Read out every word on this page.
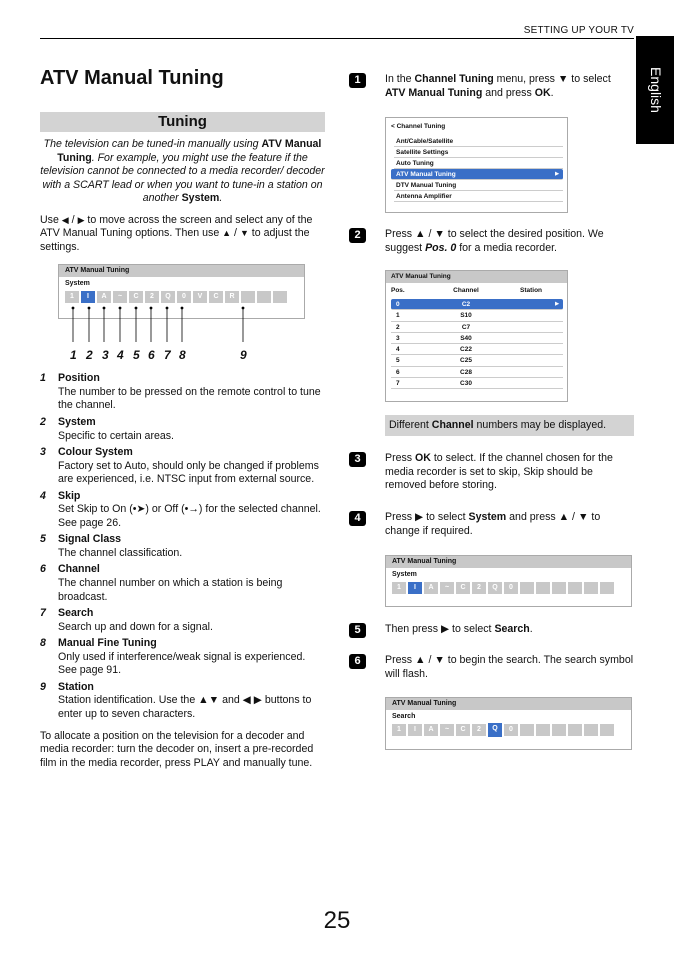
SETTING UP YOUR TV
English
ATV Manual Tuning
Tuning

The television can be tuned-in manually using ATV Manual Tuning. For example, you might use the feature if the television cannot be connected to a media recorder/ decoder with a SCART lead or when you want to tune-in a station on another System.

Use ◀ / ▶ to move across the screen and select any of the ATV Manual Tuning options. Then use ▲ / ▼ to adjust the settings.

ATV Manual Tuning
System
1	I	A	~	C	2	Q	0	V	C	R
1 2 3 4 5 6 7 8	9
1	Position
The number to be pressed on the remote control to tune the channel.
2	System
Specific to certain areas.
3	Colour System
Factory set to Auto, should only be changed if problems are experienced, i.e. NTSC input from external source.
4	Skip
Set Skip to On (•➤) or Off (•→) for the selected channel. See page 26.
5	Signal Class
The channel classification.
6	Channel
The channel number on which a station is being broadcast.
7	Search
Search up and down for a signal.
8	Manual Fine Tuning
Only used if interference/weak signal is experienced. See page 91.
9	Station
Station identification. Use the ▲▼ and ◀ ▶ buttons to enter up to seven characters.

To allocate a position on the television for a decoder and media recorder: turn the decoder on, insert a pre-recorded film in the media recorder, press PLAY and manually tune.

1	In the Channel Tuning menu, press ▼ to select ATV Manual Tuning and press OK.

< Channel Tuning
Ant/Cable/Satellite
Satellite Settings
Auto Tuning
ATV Manual Tuning ▶
DTV Manual Tuning
Antenna Amplifier
2	Press ▲ / ▼ to select the desired position. We suggest Pos. 0 for a media recorder.

ATV Manual Tuning
Pos.	Channel	Station
0	C2
▶
1	S10
2	C7
3	S40
4	C22
5	C25
6	C28
7	C30
Different Channel numbers may be displayed.
3	Press OK to select. If the channel chosen for the media recorder is set to skip, Skip should be removed before storing.

4	Press ▶ to select System and press ▲ / ▼ to change if required.

ATV Manual Tuning
System
1	I	A	~	C	2	Q	0
5	Then press ▶ to select Search.

6	Press ▲ / ▼ to begin the search. The search symbol will flash.

ATV Manual Tuning
Search
1	I	A	~	C	2	Q	0
25
